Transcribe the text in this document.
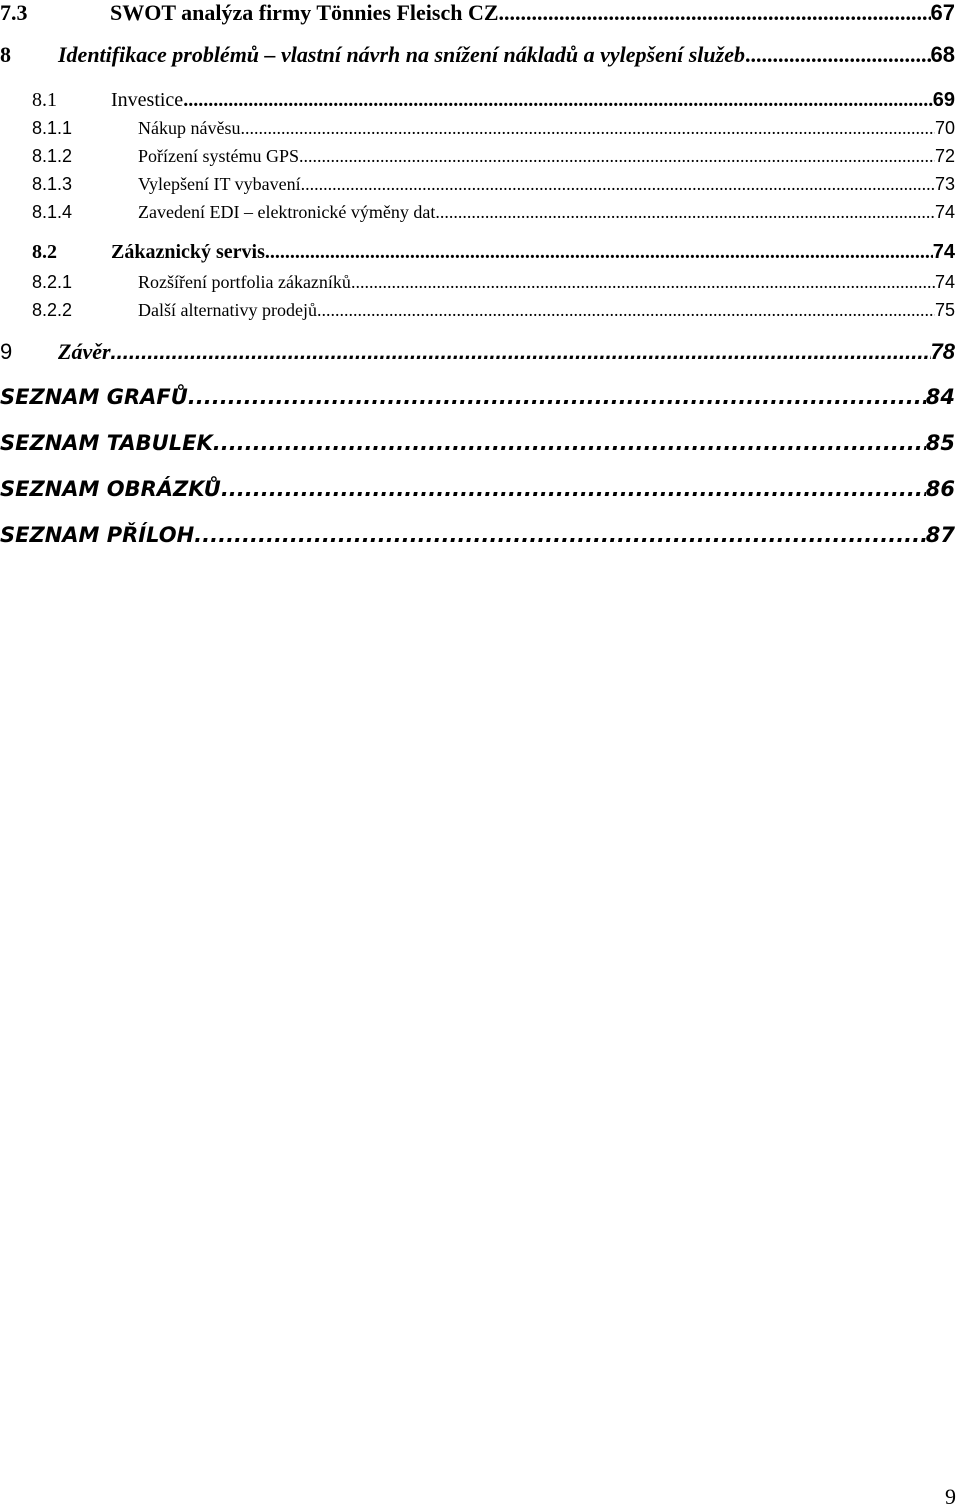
7.3	SWOT analýza firmy Tönnies Fleisch CZ .....	67
8	Identifikace problémů – vlastní návrh na snížení nákladů a vylepšení služeb .....	68
8.1	Investice .....	69
8.1.1	Nákup návěsu .....	70
8.1.2	Pořízení systému GPS .....	72
8.1.3	Vylepšení IT vybavení .....	73
8.1.4	Zavedení EDI – elektronické výměny dat .....	74
8.2	Zákaznický servis .....	74
8.2.1	Rozšíření portfolia zákazníků .....	74
8.2.2	Další alternativy prodejů .....	75
9	Závěr .....	78
SEZNAM GRAFŮ .....	84
SEZNAM TABULEK .....	85
SEZNAM OBRÁZKŮ .....	86
SEZNAM PŘÍLOH .....	87
9
